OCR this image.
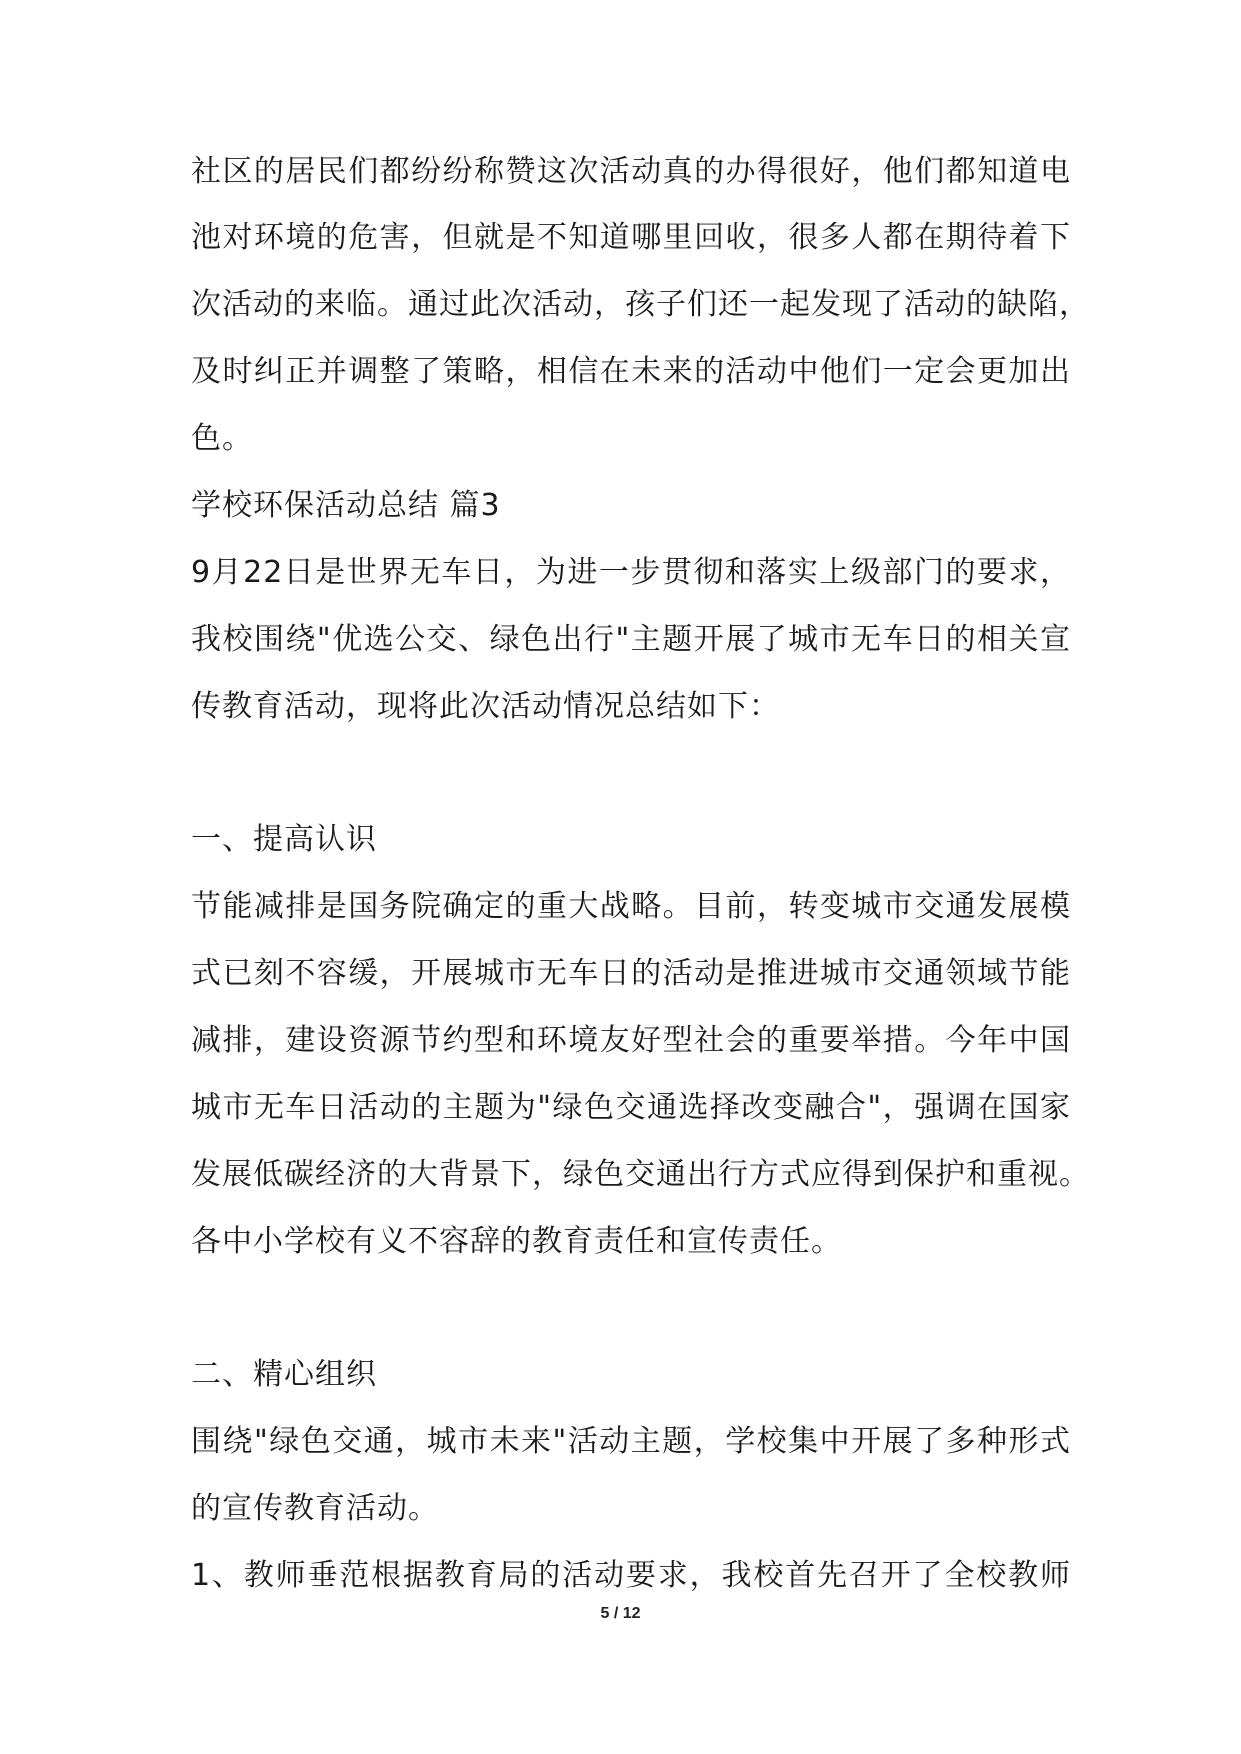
社区的居民们都纷纷称赞这次活动真的办得很好，他们都知道电
池对环境的危害，但就是不知道哪里回收，很多人都在期待着下
次活动的来临。通过此次活动，孩子们还一起发现了活动的缺陷，
及时纠正并调整了策略，相信在未来的活动中他们一定会更加出
色。
学校环保活动总结 篇3
9月22日是世界无车日，为进一步贯彻和落实上级部门的要求，
我校围绕"优选公交、绿色出行"主题开展了城市无车日的相关宣
传教育活动，现将此次活动情况总结如下：
一、提高认识
节能减排是国务院确定的重大战略。目前，转变城市交通发展模
式已刻不容缓，开展城市无车日的活动是推进城市交通领域节能
减排，建设资源节约型和环境友好型社会的重要举措。今年中国
城市无车日活动的主题为"绿色交通选择改变融合"，强调在国家
发展低碳经济的大背景下，绿色交通出行方式应得到保护和重视。
各中小学校有义不容辞的教育责任和宣传责任。
二、精心组织
围绕"绿色交通，城市未来"活动主题，学校集中开展了多种形式
的宣传教育活动。
1、教师垂范根据教育局的活动要求，我校首先召开了全校教师
5 / 12
